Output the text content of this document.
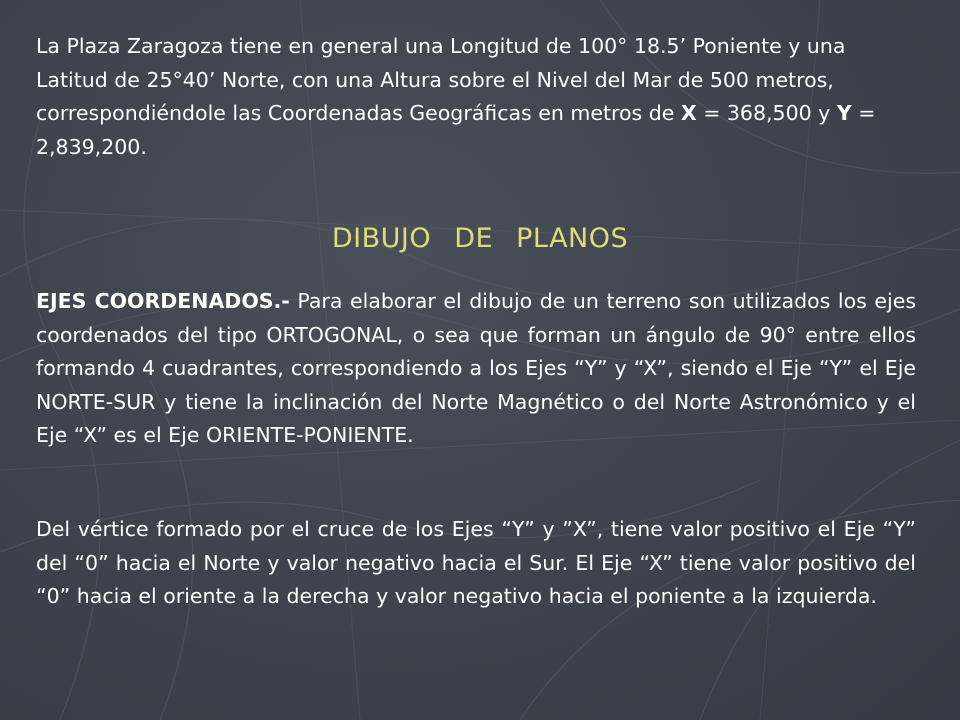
La Plaza Zaragoza tiene en general una Longitud de 100° 18.5’ Poniente y una Latitud de 25°40’ Norte, con una Altura sobre el Nivel del Mar de 500 metros, correspondiéndole las Coordenadas Geográficas en metros de X = 368,500 y Y = 2,839,200.

DIBUJO DE PLANOS

EJES COORDENADOS.- Para elaborar el dibujo de un terreno son utilizados los ejes coordenados del tipo ORTOGONAL, o sea que forman un ángulo de 90° entre ellos formando 4 cuadrantes, correspondiendo a los Ejes “Y” y “X”, siendo el Eje “Y” el Eje NORTE-SUR y tiene la inclinación del Norte Magnético o del Norte Astronómico y el Eje “X” es el Eje ORIENTE-PONIENTE.

Del vértice formado por el cruce de los Ejes “Y” y ”X”, tiene valor positivo el Eje “Y” del “0” hacia el Norte y valor negativo hacia el Sur. El Eje “X” tiene valor positivo del “0” hacia el oriente a la derecha y valor negativo hacia el poniente a la izquierda.
